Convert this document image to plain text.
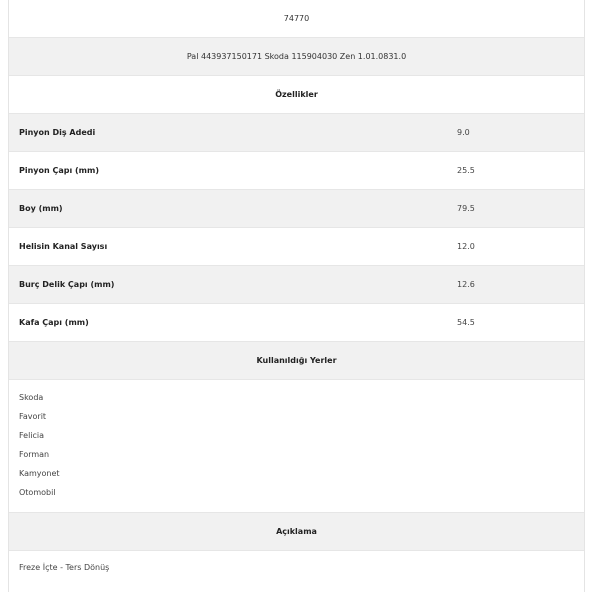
74770
Pal 443937150171 Skoda 115904030 Zen 1.01.0831.0
Özellikler
Pinyon Diş Adedi	9.0
Pinyon Çapı (mm)	25.5
Boy (mm)	79.5
Helisin Kanal Sayısı	12.0
Burç Delik Çapı (mm)	12.6
Kafa Çapı (mm)	54.5
Kullanıldığı Yerler
Skoda
Favorit
Felicia
Forman
Kamyonet
Otomobil
Açıklama
Freze İçte - Ters Dönüş
